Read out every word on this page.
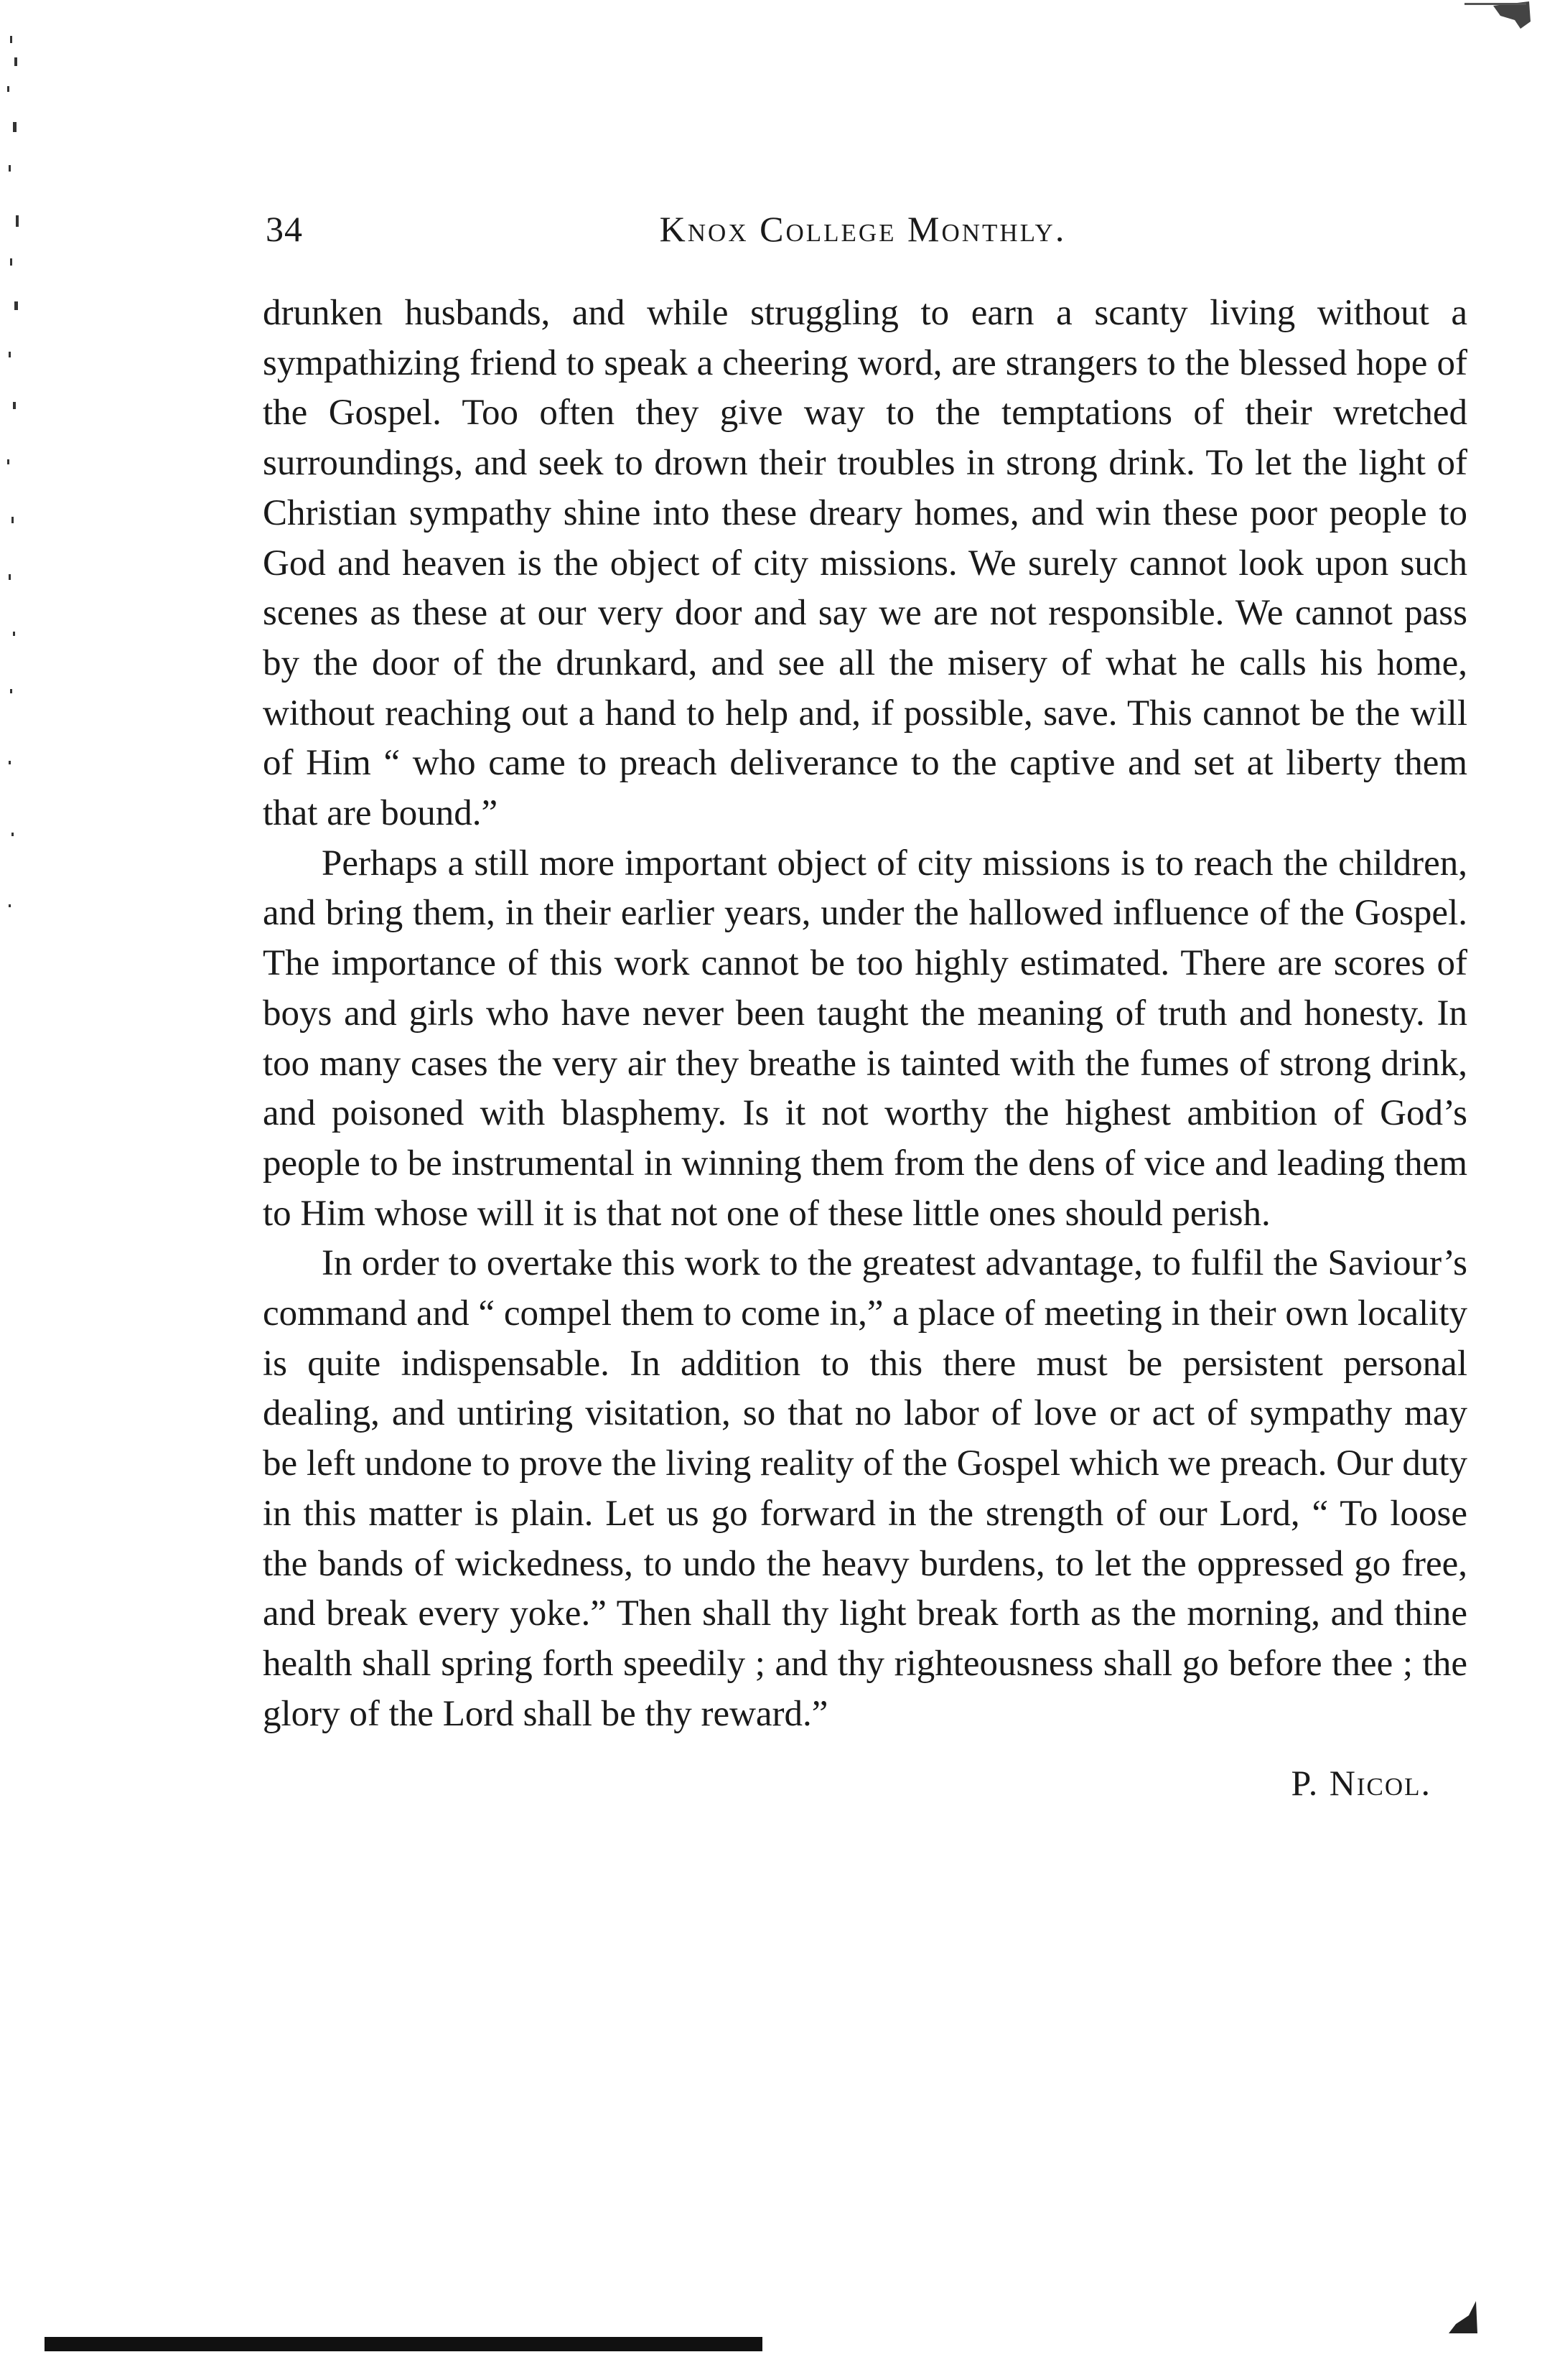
34	Knox College Monthly.

drunken husbands, and while struggling to earn a scanty living without a sympathizing friend to speak a cheering word, are strangers to the blessed hope of the Gospel. Too often they give way to the temptations of their wretched surroundings, and seek to drown their troubles in strong drink. To let the light of Christian sympathy shine into these dreary homes, and win these poor people to God and heaven is the object of city missions. We surely cannot look upon such scenes as these at our very door and say we are not responsible. We cannot pass by the door of the drunkard, and see all the misery of what he calls his home, without reaching out a hand to help and, if possible, save. This cannot be the will of Him “ who came to preach deliverance to the captive and set at liberty them that are bound.”

Perhaps a still more important object of city missions is to reach the children, and bring them, in their earlier years, under the hallowed influence of the Gospel. The importance of this work cannot be too highly estimated. There are scores of boys and girls who have never been taught the meaning of truth and honesty. In too many cases the very air they breathe is tainted with the fumes of strong drink, and poisoned with blasphemy. Is it not worthy the highest ambition of God’s people to be instrumental in winning them from the dens of vice and leading them to Him whose will it is that not one of these little ones should perish.

In order to overtake this work to the greatest advantage, to fulfil the Saviour’s command and “ compel them to come in,” a place of meeting in their own locality is quite indispensable. In addition to this there must be persistent personal dealing, and untiring visitation, so that no labor of love or act of sympathy may be left undone to prove the living reality of the Gospel which we preach. Our duty in this matter is plain. Let us go forward in the strength of our Lord, “ To loose the bands of wickedness, to undo the heavy burdens, to let the oppressed go free, and break every yoke.” Then shall thy light break forth as the morning, and thine health shall spring forth speedily ; and thy righteousness shall go before thee ; the glory of the Lord shall be thy reward.”

P. Nicol.
